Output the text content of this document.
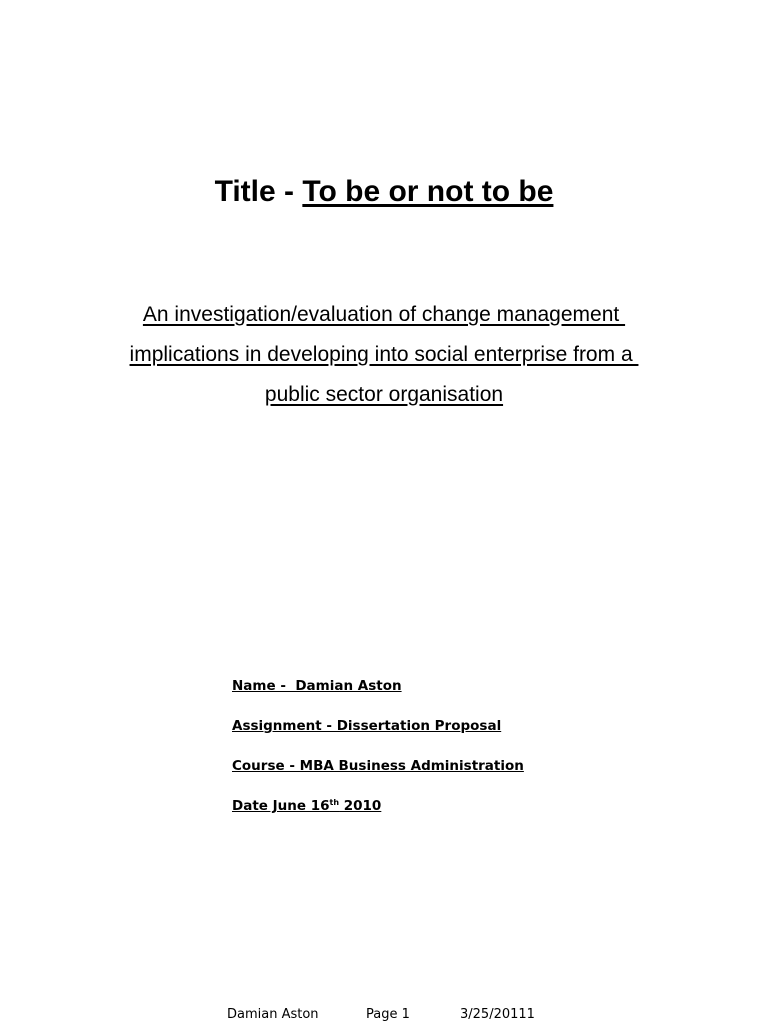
Title - To be or not to be

An investigation/evaluation of change management
implications in developing into social enterprise from a
public sector organisation

Name -  Damian Aston
Assignment - Dissertation Proposal
Course - MBA Business Administration
Date June 16th 2010
Damian Aston	Page 1	3/25/20111
